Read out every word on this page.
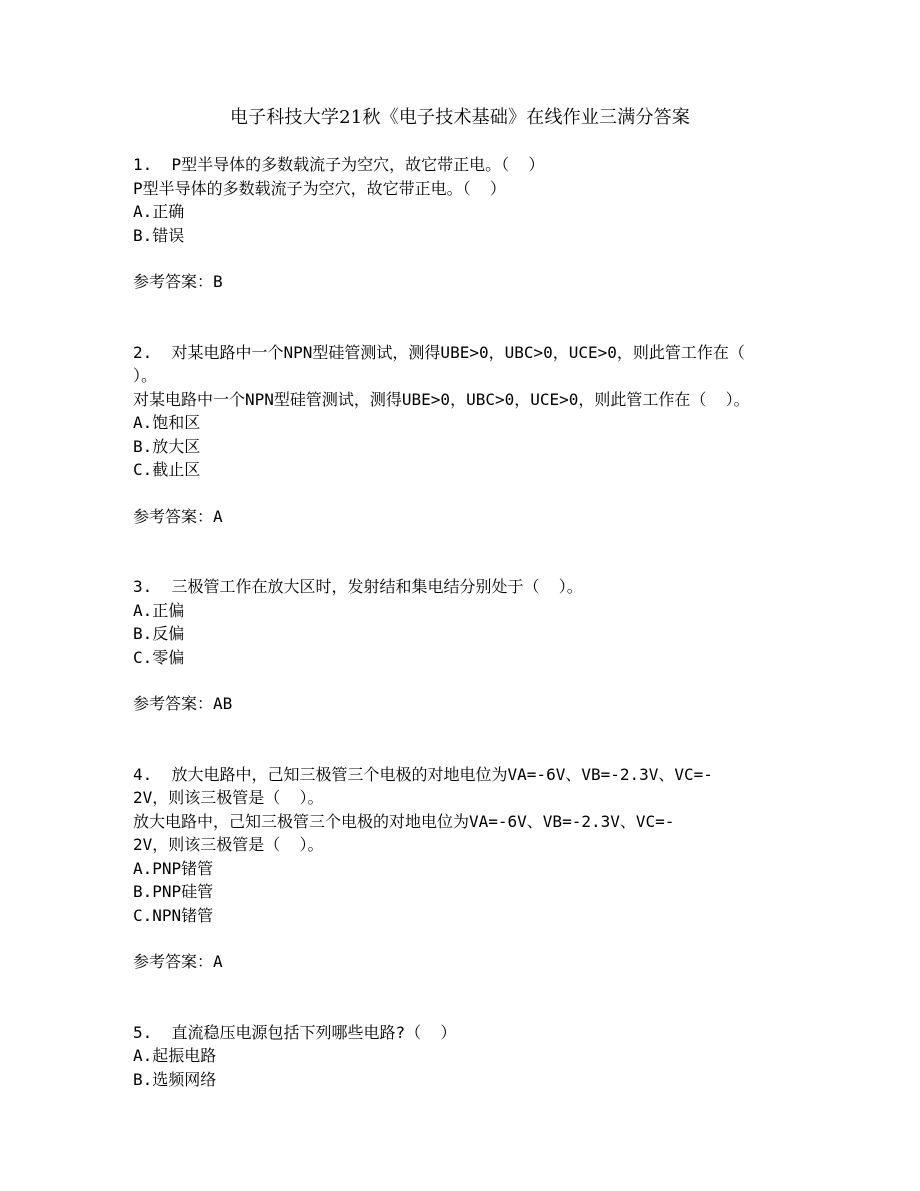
电子科技大学21秋《电子技术基础》在线作业三满分答案
1. P型半导体的多数载流子为空穴，故它带正电。（  ）
P型半导体的多数载流子为空穴，故它带正电。（  ）
A.正确
B.错误
参考答案：B
2. 对某电路中一个NPN型硅管测试，测得UBE>0，UBC>0，UCE>0，则此管工作在（
）。
对某电路中一个NPN型硅管测试，测得UBE>0，UBC>0，UCE>0，则此管工作在（  ）。
A.饱和区
B.放大区
C.截止区
参考答案：A
3. 三极管工作在放大区时，发射结和集电结分别处于（  ）。
A.正偏
B.反偏
C.零偏
参考答案：AB
4. 放大电路中，己知三极管三个电极的对地电位为VA=-6V、VB=-2.3V、VC=-
2V，则该三极管是（  ）。
放大电路中，己知三极管三个电极的对地电位为VA=-6V、VB=-2.3V、VC=-
2V，则该三极管是（  ）。
A.PNP锗管
B.PNP硅管
C.NPN锗管
参考答案：A
5. 直流稳压电源包括下列哪些电路?（  ）
A.起振电路
B.选频网络
